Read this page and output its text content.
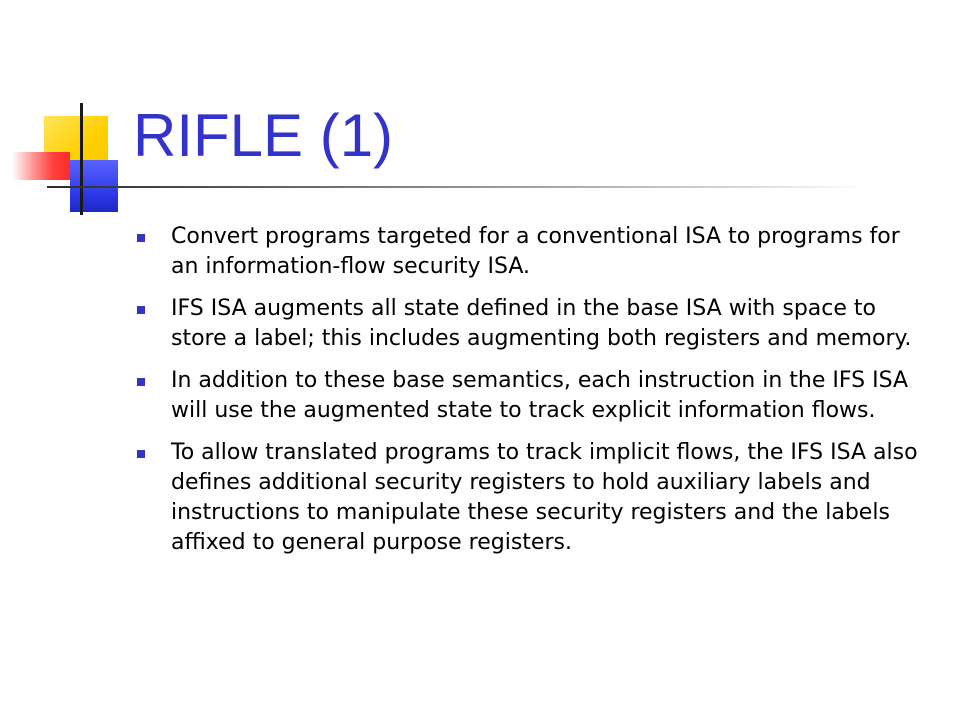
RIFLE (1)
Convert programs targeted for a conventional ISA to programs for an information-flow security ISA.
IFS ISA augments all state defined in the base ISA with space to store a label; this includes augmenting both registers and memory.
In addition to these base semantics, each instruction in the IFS ISA will use the augmented state to track explicit information flows.
To allow translated programs to track implicit flows, the IFS ISA also defines additional security registers to hold auxiliary labels and instructions to manipulate these security registers and the labels affixed to general purpose registers.
